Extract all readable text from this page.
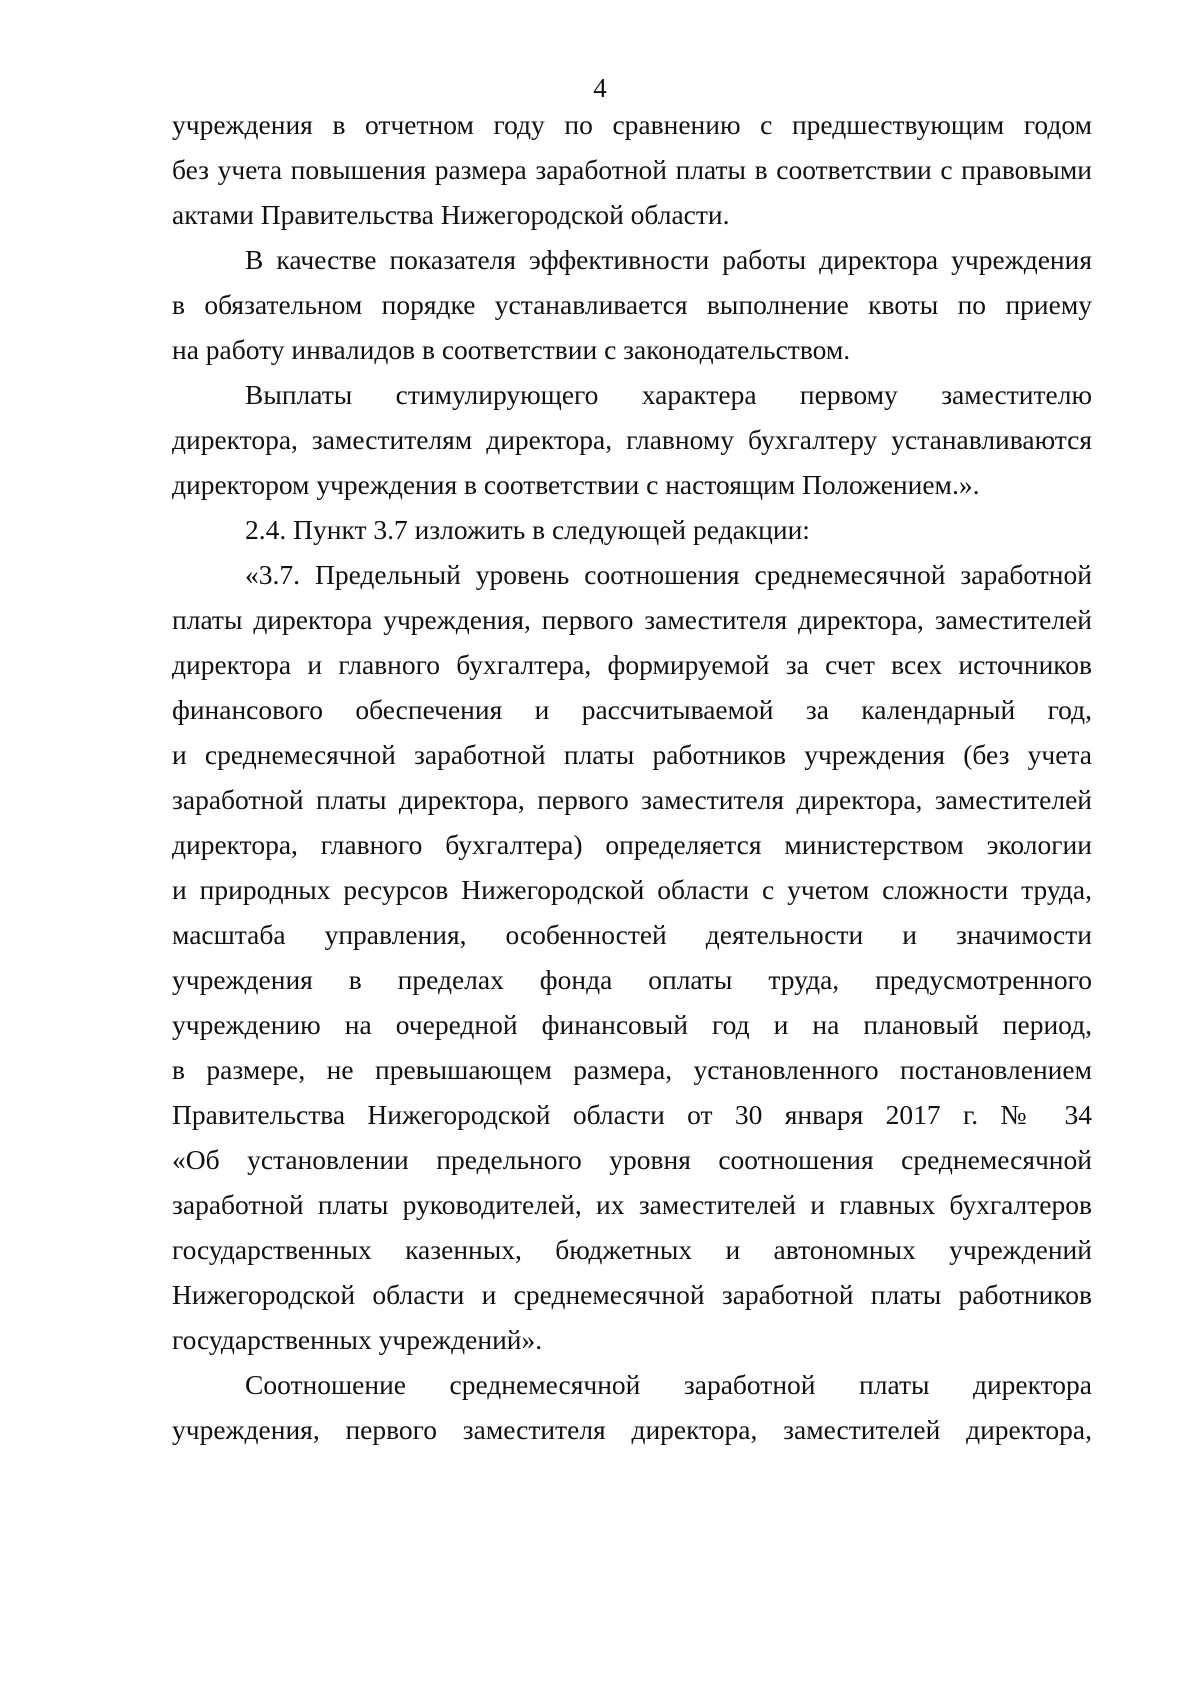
4
учреждения в отчетном году по сравнению с предшествующим годом
без учета повышения размера заработной платы в соответствии с правовыми
актами Правительства Нижегородской области.
В качестве показателя эффективности работы директора учреждения
в обязательном порядке устанавливается выполнение квоты по приему
на работу инвалидов в соответствии с законодательством.
Выплаты стимулирующего характера первому заместителю
директора, заместителям директора, главному бухгалтеру устанавливаются
директором учреждения в соответствии с настоящим Положением.».
2.4. Пункт 3.7 изложить в следующей редакции:
«3.7. Предельный уровень соотношения среднемесячной заработной
платы директора учреждения, первого заместителя директора, заместителей
директора и главного бухгалтера, формируемой за счет всех источников
финансового обеспечения и рассчитываемой за календарный год,
и среднемесячной заработной платы работников учреждения (без учета
заработной платы директора, первого заместителя директора, заместителей
директора, главного бухгалтера) определяется министерством экологии
и природных ресурсов Нижегородской области с учетом сложности труда,
масштаба управления, особенностей деятельности и значимости
учреждения в пределах фонда оплаты труда, предусмотренного
учреждению на очередной финансовый год и на плановый период,
в размере, не превышающем размера, установленного постановлением
Правительства Нижегородской области от 30 января 2017 г. № 34
«Об установлении предельного уровня соотношения среднемесячной
заработной платы руководителей, их заместителей и главных бухгалтеров
государственных казенных, бюджетных и автономных учреждений
Нижегородской области и среднемесячной заработной платы работников
государственных учреждений».
Соотношение среднемесячной заработной платы директора
учреждения, первого заместителя директора, заместителей директора,
